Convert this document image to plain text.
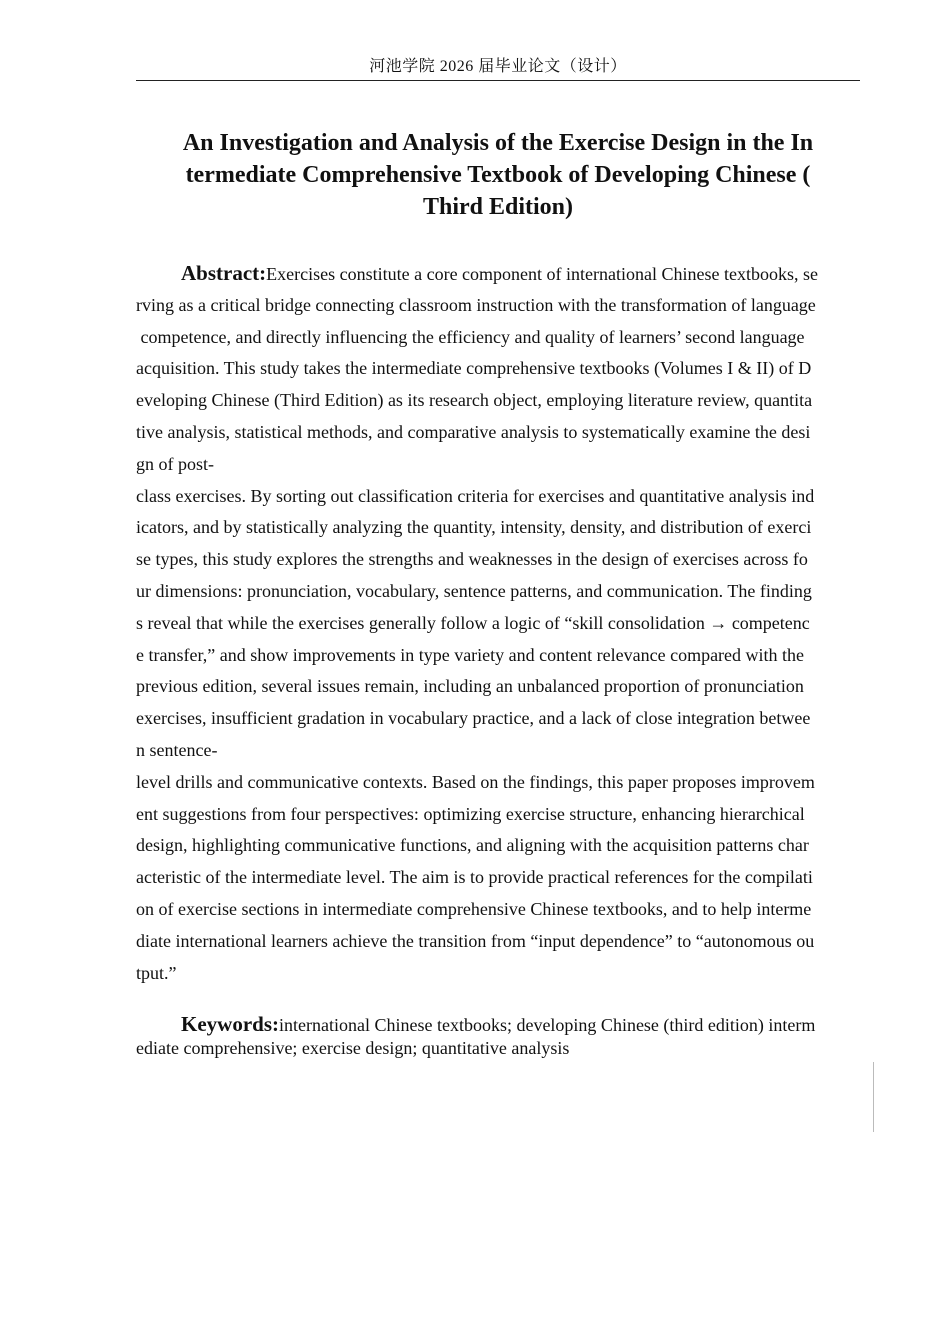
河池学院 2026 届毕业论文（设计）
An Investigation and Analysis of the Exercise Design in the In
termediate Comprehensive Textbook of Developing Chinese (
Third Edition)
Abstract:Exercises constitute a core component of international Chinese textbooks, se
rving as a critical bridge connecting classroom instruction with the transformation of language
competence, and directly influencing the efficiency and quality of learners’ second language
acquisition. This study takes the intermediate comprehensive textbooks (Volumes I & II) of D
eveloping Chinese (Third Edition) as its research object, employing literature review, quantita
tive analysis, statistical methods, and comparative analysis to systematically examine the desi
gn of post-
class exercises. By sorting out classification criteria for exercises and quantitative analysis ind
icators, and by statistically analyzing the quantity, intensity, density, and distribution of exerci
se types, this study explores the strengths and weaknesses in the design of exercises across fo
ur dimensions: pronunciation, vocabulary, sentence patterns, and communication. The finding
s reveal that while the exercises generally follow a logic of “skill consolidation → competenc
e transfer,” and show improvements in type variety and content relevance compared with the
previous edition, several issues remain, including an unbalanced proportion of pronunciation
exercises, insufficient gradation in vocabulary practice, and a lack of close integration betwee
n sentence-
level drills and communicative contexts. Based on the findings, this paper proposes improvem
ent suggestions from four perspectives: optimizing exercise structure, enhancing hierarchical
design, highlighting communicative functions, and aligning with the acquisition patterns char
acteristic of the intermediate level. The aim is to provide practical references for the compilati
on of exercise sections in intermediate comprehensive Chinese textbooks, and to help interme
diate international learners achieve the transition from “input dependence” to “autonomous ou
tput.”
Keywords:international Chinese textbooks; developing Chinese (third edition) interm
ediate comprehensive; exercise design; quantitative analysis
